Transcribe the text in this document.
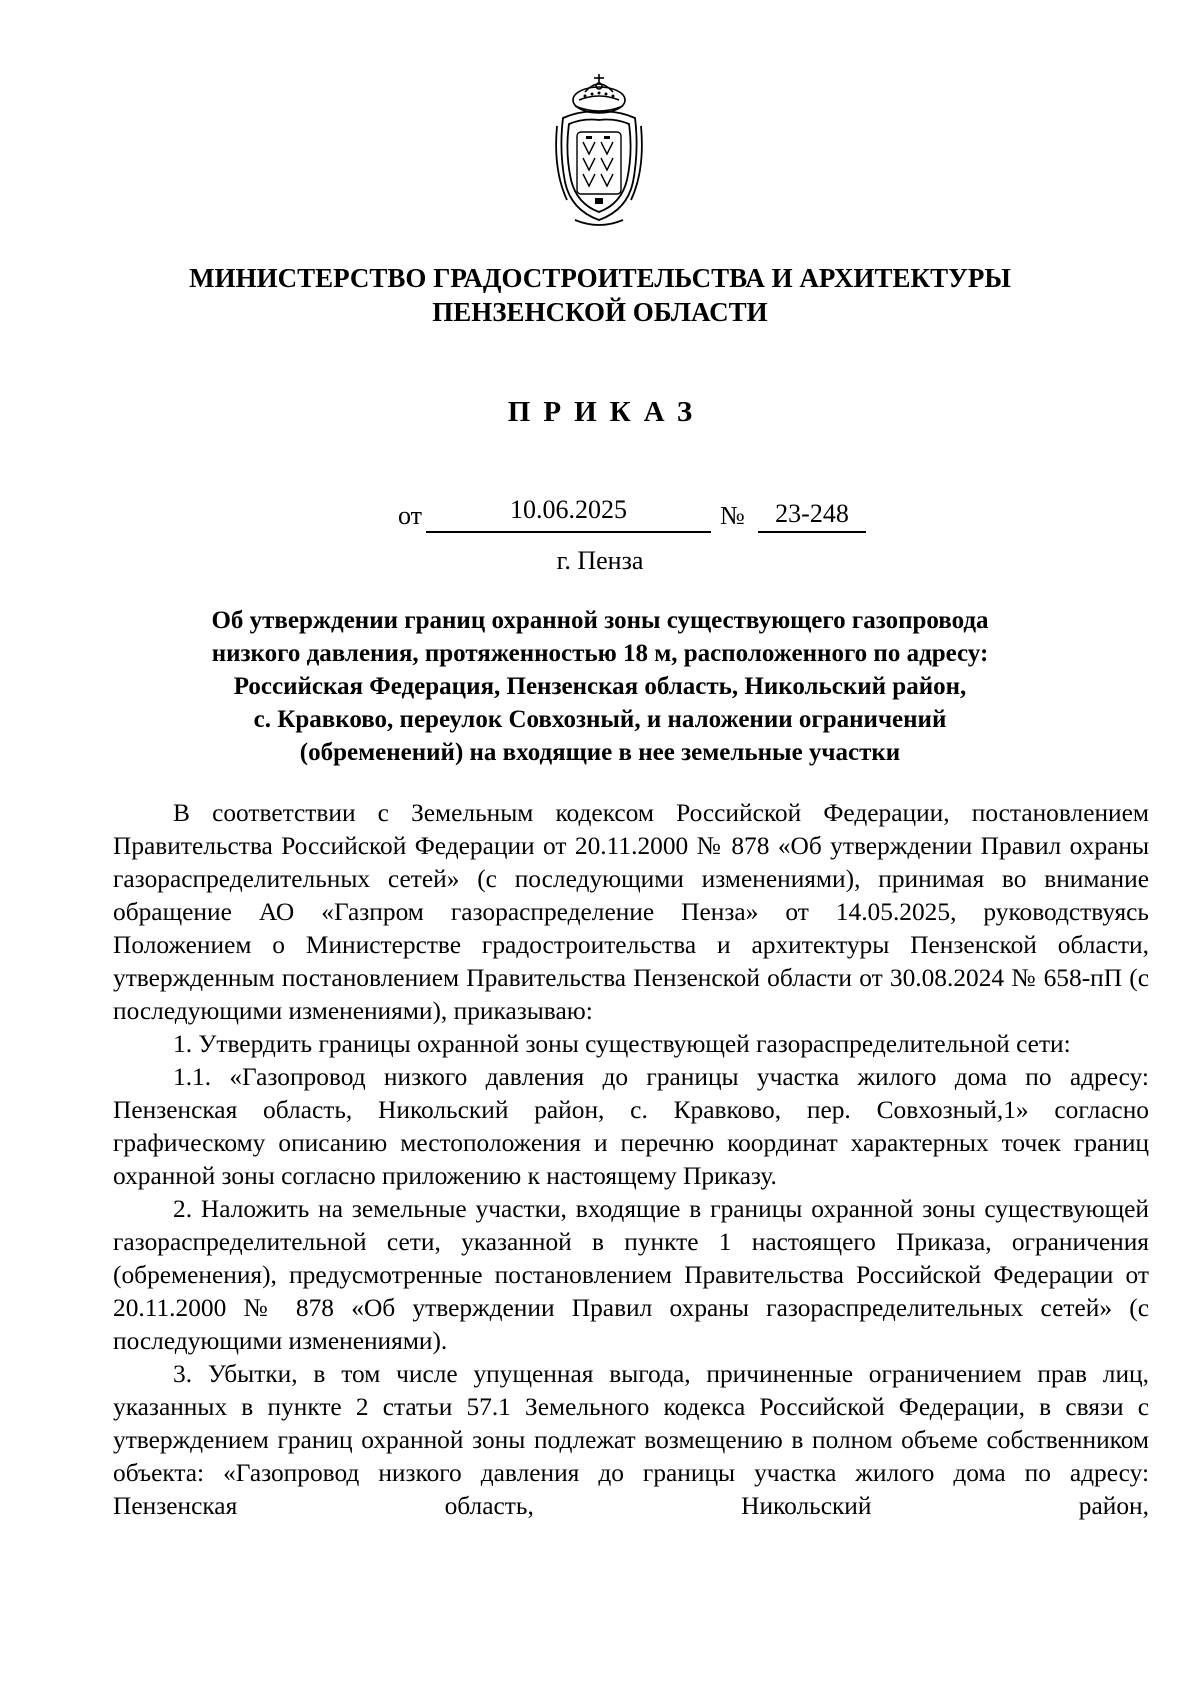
МИНИСТЕРСТВО ГРАДОСТРОИТЕЛЬСТВА И АРХИТЕКТУРЫ
ПЕНЗЕНСКОЙ ОБЛАСТИ
ПРИКАЗ
от	10.06.2025	№	23-248
г. Пенза
Об утверждении границ охранной зоны существующего газопровода
низкого давления, протяженностью 18 м, расположенного по адресу:
Российская Федерация, Пензенская область, Никольский район,
с. Кравково, переулок Совхозный, и наложении ограничений
(обременений) на входящие в нее земельные участки

В соответствии с Земельным кодексом Российской Федерации, постановлением Правительства Российской Федерации от 20.11.2000 № 878 «Об утверждении Правил охраны газораспределительных сетей» (с последующими изменениями), принимая во внимание обращение АО «Газпром газораспределение Пенза» от 14.05.2025, руководствуясь Положением о Министерстве градостроительства и архитектуры Пензенской области, утвержденным постановлением Правительства Пензенской области от 30.08.2024 № 658-пП (с последующими изменениями), приказываю:

1. Утвердить границы охранной зоны существующей газораспределительной сети:

1.1. «Газопровод низкого давления до границы участка жилого дома по адресу: Пензенская область, Никольский район, с. Кравково, пер. Совхозный,1» согласно графическому описанию местоположения и перечню координат характерных точек границ охранной зоны согласно приложению к настоящему Приказу.

2. Наложить на земельные участки, входящие в границы охранной зоны существующей газораспределительной сети, указанной в пункте 1 настоящего Приказа, ограничения (обременения), предусмотренные постановлением Правительства Российской Федерации от 20.11.2000 № 878 «Об утверждении Правил охраны газораспределительных сетей» (с последующими изменениями).

3. Убытки, в том числе упущенная выгода, причиненные ограничением прав лиц, указанных в пункте 2 статьи 57.1 Земельного кодекса Российской Федерации, в связи с утверждением границ охранной зоны подлежат возмещению в полном объеме собственником объекта: «Газопровод низкого давления до границы участка жилого дома по адресу: Пензенская область, Никольский район,
